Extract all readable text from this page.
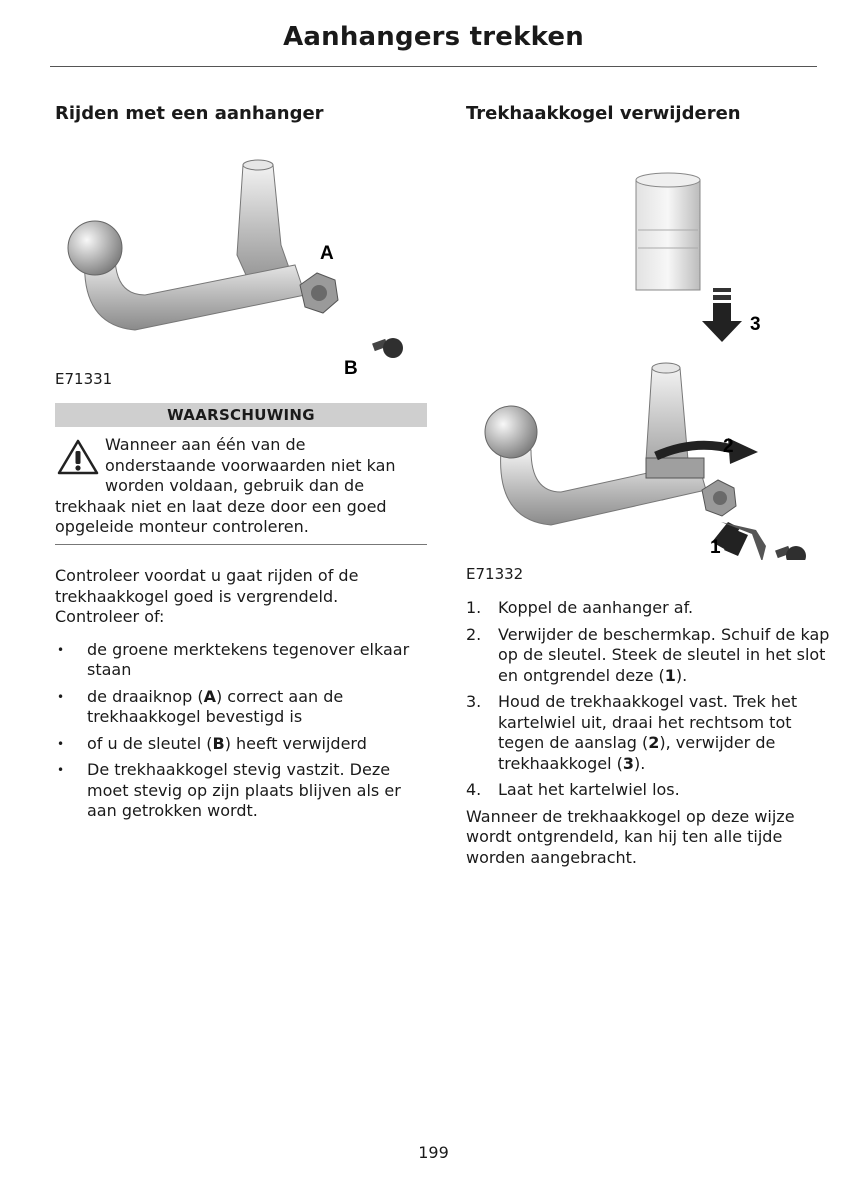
Aanhangers trekken
Rijden met een aanhanger
A
B
E71331
WAARSCHUWING
Wanneer aan één van de
onderstaande voorwaarden niet kan
worden voldaan, gebruik dan de
trekhaak niet en laat deze door een goed opgeleide monteur controleren.

Controleer voordat u gaat rijden of de trekhaakkogel goed is vergrendeld. Controleer of:

• de groene merktekens tegenover elkaar staan
• de draaiknop (A) correct aan de trekhaakkogel bevestigd is
• of u de sleutel (B) heeft verwijderd
• De trekhaakkogel stevig vastzit. Deze moet stevig op zijn plaats blijven als er aan getrokken wordt.
Trekhaakkogel verwijderen
3
2
1
E71332
1. Koppel de aanhanger af.
2. Verwijder de beschermkap. Schuif de kap op de sleutel. Steek de sleutel in het slot en ontgrendel deze (1).
3. Houd de trekhaakkogel vast. Trek het kartelwiel uit, draai het rechtsom tot tegen de aanslag (2), verwijder de trekhaakkogel (3).
4. Laat het kartelwiel los.

Wanneer de trekhaakkogel op deze wijze wordt ontgrendeld, kan hij ten alle tijde worden aangebracht.

199
